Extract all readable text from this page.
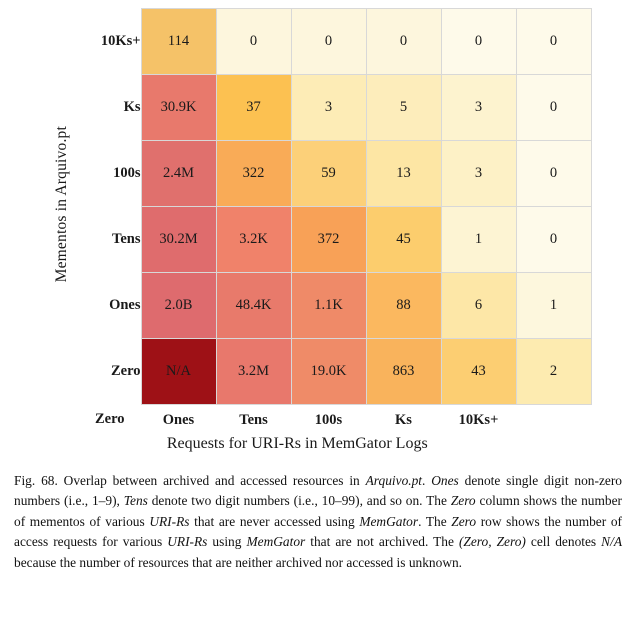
Mementos in Arquivo.pt	10Ks+	114	0	0	0	0	0
	Ks	30.9K	37	3	5	3	0
	100s	2.4M	322	59	13	3	0
	Tens	30.2M	3.2K	372	45	1	0
	Ones	2.0B	48.4K	1.1K	88	6	1
	Zero	N/A	3.2M	19.0K	863	43	2
	Zero	Ones	Tens	100s	Ks	10Ks+	
	Requests for URI-Rs in MemGator Logs						
Fig. 68. Overlap between archived and accessed resources in Arquivo.pt. Ones denote single digit non-zero numbers (i.e., 1–9), Tens denote two digit numbers (i.e., 10–99), and so on. The Zero column shows the number of mementos of various URI-Rs that are never accessed using MemGator. The Zero row shows the number of access requests for various URI-Rs using MemGator that are not archived. The (Zero, Zero) cell denotes N/A because the number of resources that are neither archived nor accessed is unknown.
